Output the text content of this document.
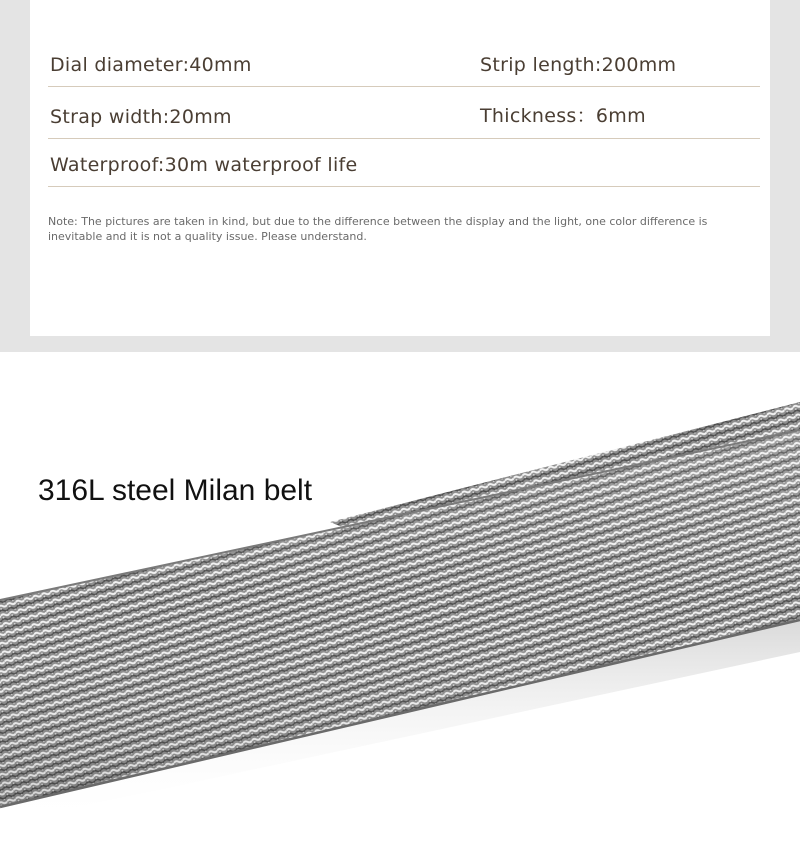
Dial diameter:40mm	Strip length:200mm
Strap width:20mm	Thickness：6mm
Waterproof:30m waterproof life

Note: The pictures are taken in kind, but due to the difference between the display and the light, one color difference is inevitable and it is not a quality issue. Please understand.

316L steel Milan belt
